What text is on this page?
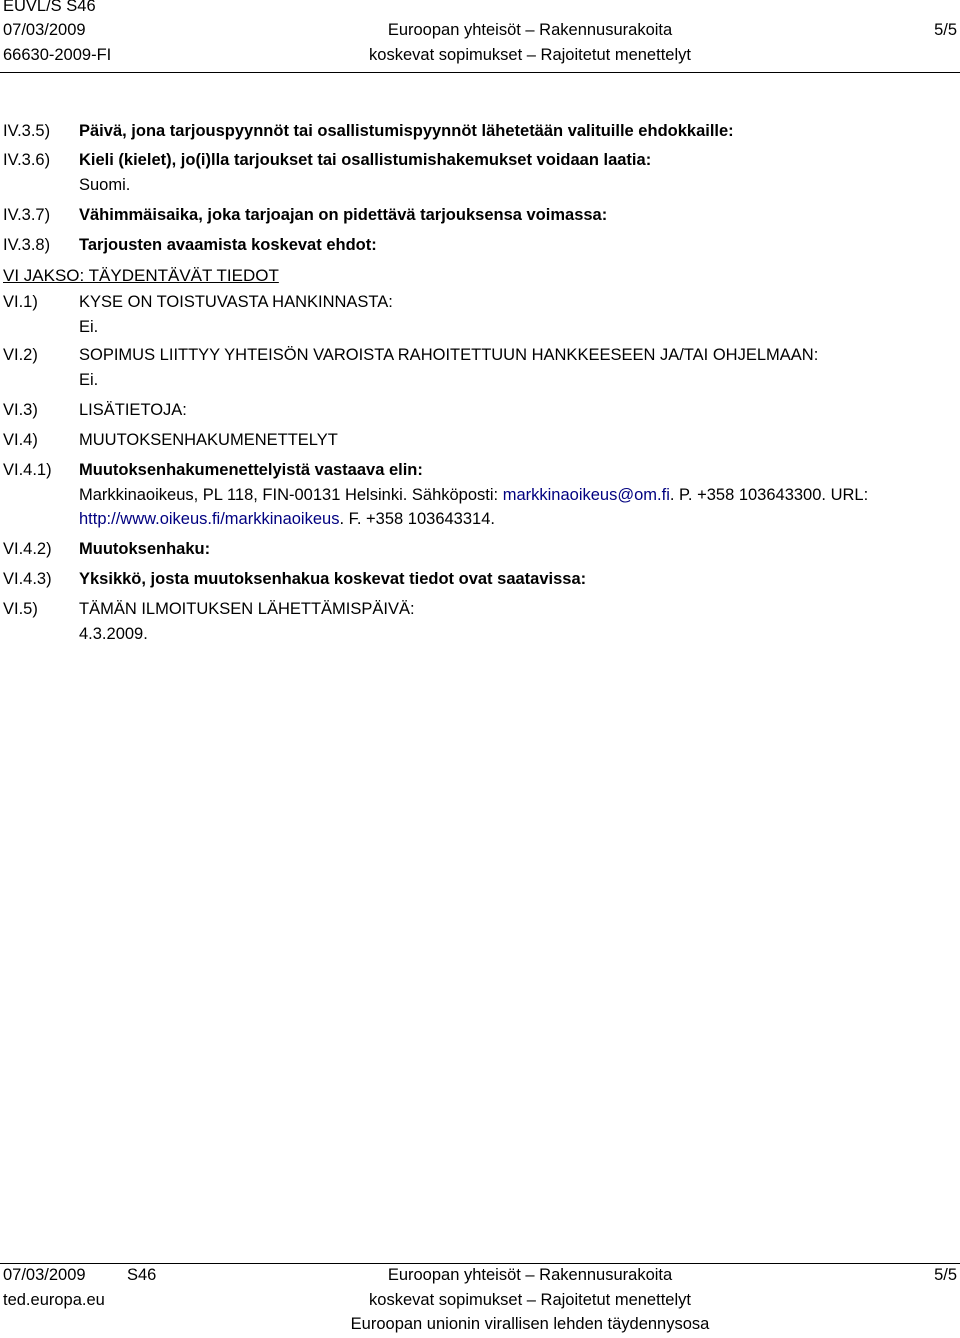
EUVL/S S46
07/03/2009
66630-2009-FI
Euroopan yhteisöt – Rakennusurakoita
koskevat sopimukset – Rajoitetut menettelyt
5/5
IV.3.5) Päivä, jona tarjouspyynnöt tai osallistumispyynnöt lähetetään valituille ehdokkaille:
IV.3.6) Kieli (kielet), jo(i)lla tarjoukset tai osallistumishakemukset voidaan laatia:
Suomi.
IV.3.7) Vähimmäisaika, joka tarjoajan on pidettävä tarjouksensa voimassa:
IV.3.8) Tarjousten avaamista koskevat ehdot:
VI JAKSO: TÄYDENTÄVÄT TIEDOT
VI.1) KYSE ON TOISTUVASTA HANKINNASTA:
Ei.
VI.2) SOPIMUS LIITTYY YHTEISÖN VAROISTA RAHOITETTUUN HANKKEESEEN JA/TAI OHJELMAAN:
Ei.
VI.3) LISÄTIETOJA:
VI.4) MUUTOKSENHAKUMENETTELYT
VI.4.1) Muutoksenhakumenettelyistä vastaava elin:
Markkinaoikeus, PL 118, FIN-00131 Helsinki. Sähköposti: markkinaoikeus@om.fi. P. +358 103643300. URL:
http://www.oikeus.fi/markkinaoikeus. F. +358 103643314.
VI.4.2) Muutoksenhaku:
VI.4.3) Yksikkö, josta muutoksenhakua koskevat tiedot ovat saatavissa:
VI.5) TÄMÄN ILMOITUKSEN LÄHETTÄMISPÄIVÄ:
4.3.2009.
07/03/2009	S46
ted.europa.eu
Euroopan yhteisöt – Rakennusurakoita
koskevat sopimukset – Rajoitetut menettelyt
Euroopan unionin virallisen lehden täydennysosa
5/5
